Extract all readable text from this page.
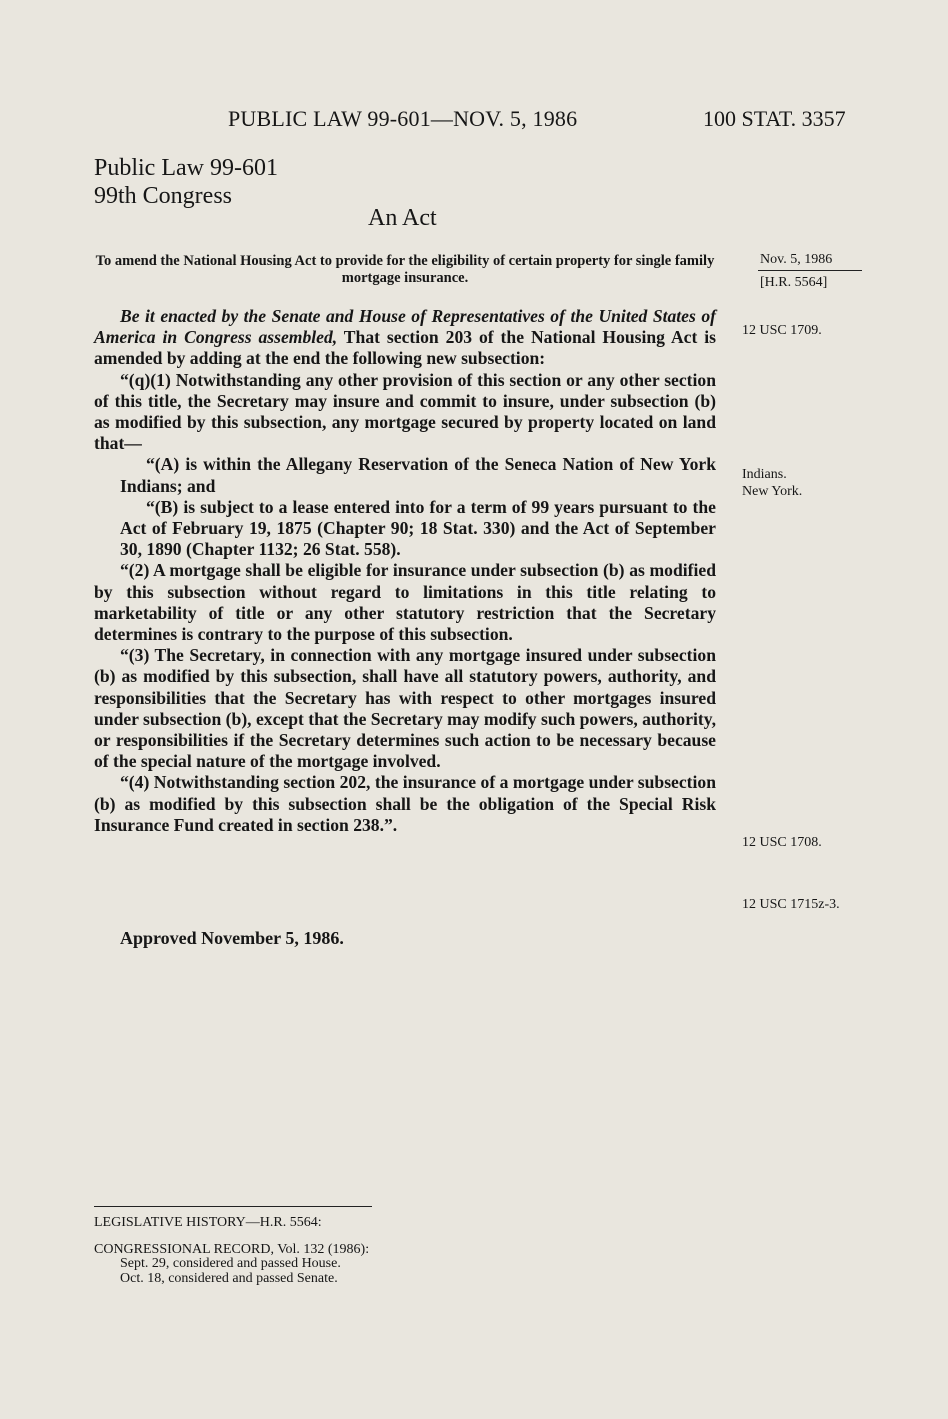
PUBLIC LAW 99-601—NOV. 5, 1986	100 STAT. 3357
Public Law 99-601
99th Congress
An Act
To amend the National Housing Act to provide for the eligibility of certain property for single family mortgage insurance.
Nov. 5, 1986
[H.R. 5564]
12 USC 1709.
Indians.
New York.
12 USC 1708.
12 USC 1715z-3.

Be it enacted by the Senate and House of Representatives of the United States of America in Congress assembled, That section 203 of the National Housing Act is amended by adding at the end the following new subsection:

“(q)(1) Notwithstanding any other provision of this section or any other section of this title, the Secretary may insure and commit to insure, under subsection (b) as modified by this subsection, any mortgage secured by property located on land that—

“(A) is within the Allegany Reservation of the Seneca Nation of New York Indians; and

“(B) is subject to a lease entered into for a term of 99 years pursuant to the Act of February 19, 1875 (Chapter 90; 18 Stat. 330) and the Act of September 30, 1890 (Chapter 1132; 26 Stat. 558).

“(2) A mortgage shall be eligible for insurance under subsection (b) as modified by this subsection without regard to limitations in this title relating to marketability of title or any other statutory restriction that the Secretary determines is contrary to the purpose of this subsection.

“(3) The Secretary, in connection with any mortgage insured under subsection (b) as modified by this subsection, shall have all statutory powers, authority, and responsibilities that the Secretary has with respect to other mortgages insured under subsection (b), except that the Secretary may modify such powers, authority, or responsibilities if the Secretary determines such action to be necessary because of the special nature of the mortgage involved.

“(4) Notwithstanding section 202, the insurance of a mortgage under subsection (b) as modified by this subsection shall be the obligation of the Special Risk Insurance Fund created in section 238.”.

Approved November 5, 1986.
LEGISLATIVE HISTORY—H.R. 5564:
CONGRESSIONAL RECORD, Vol. 132 (1986):
Sept. 29, considered and passed House.
Oct. 18, considered and passed Senate.
